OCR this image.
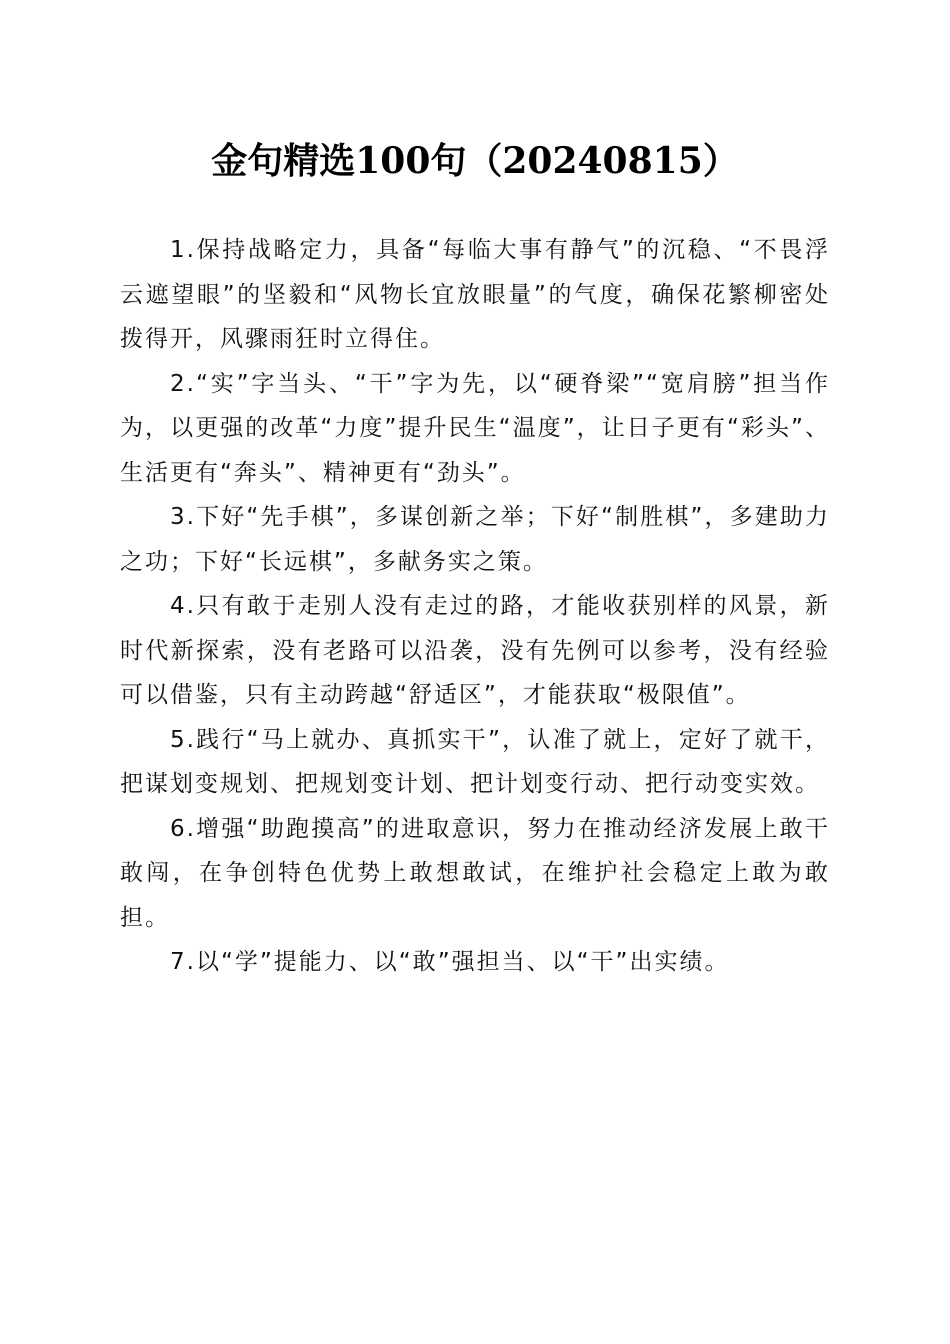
金句精选100句（20240815）

1.保持战略定力，具备“每临大事有静气”的沉稳、“不畏浮云遮望眼”的坚毅和“风物长宜放眼量”的气度，确保花繁柳密处拨得开，风骤雨狂时立得住。

2.“实”字当头、“干”字为先，以“硬脊梁”“宽肩膀”担当作为，以更强的改革“力度”提升民生“温度”，让日子更有“彩头”、生活更有“奔头”、精神更有“劲头”。

3.下好“先手棋”，多谋创新之举；下好“制胜棋”，多建助力之功；下好“长远棋”，多献务实之策。

4.只有敢于走别人没有走过的路，才能收获别样的风景，新时代新探索，没有老路可以沿袭，没有先例可以参考，没有经验可以借鉴，只有主动跨越“舒适区”，才能获取“极限值”。

5.践行“马上就办、真抓实干”，认准了就上，定好了就干，把谋划变规划、把规划变计划、把计划变行动、把行动变实效。

6.增强“助跑摸高”的进取意识，努力在推动经济发展上敢干敢闯，在争创特色优势上敢想敢试，在维护社会稳定上敢为敢担。

7.以“学”提能力、以“敢”强担当、以“干”出实绩。
